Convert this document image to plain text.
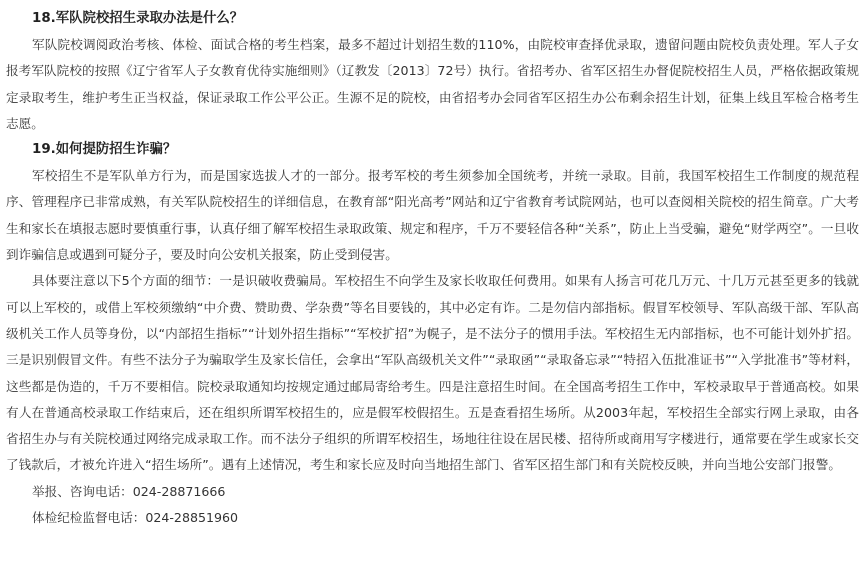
18.军队院校招生录取办法是什么？

军队院校调阅政治考核、体检、面试合格的考生档案，最多不超过计划招生数的110%，由院校审查择优录取，遗留问题由院校负责处理。军人子女报考军队院校的按照《辽宁省军人子女教育优待实施细则》（辽教发〔2013〕72号）执行。省招考办、省军区招生办督促院校招生人员，严格依据政策规定录取考生，维护考生正当权益，保证录取工作公平公正。生源不足的院校，由省招考办会同省军区招生办公布剩余招生计划，征集上线且军检合格考生志愿。

19.如何提防招生诈骗？

军校招生不是军队单方行为，而是国家选拔人才的一部分。报考军校的考生须参加全国统考，并统一录取。目前，我国军校招生工作制度的规范程序、管理程序已非常成熟，有关军队院校招生的详细信息，在教育部“阳光高考”网站和辽宁省教育考试院网站，也可以查阅相关院校的招生简章。广大考生和家长在填报志愿时要慎重行事，认真仔细了解军校招生录取政策、规定和程序，千万不要轻信各种“关系”，防止上当受骗，避免“财学两空”。一旦收到诈骗信息或遇到可疑分子，要及时向公安机关报案，防止受到侵害。

具体要注意以下5个方面的细节：一是识破收费骗局。军校招生不向学生及家长收取任何费用。如果有人扬言可花几万元、十几万元甚至更多的钱就可以上军校的，或借上军校须缴纳“中介费、赞助费、学杂费”等名目要钱的，其中必定有诈。二是勿信内部指标。假冒军校领导、军队高级干部、军队高级机关工作人员等身份，以“内部招生指标”“计划外招生指标”“军校扩招”为幌子，是不法分子的惯用手法。军校招生无内部指标，也不可能计划外扩招。三是识别假冒文件。有些不法分子为骗取学生及家长信任，会拿出“军队高级机关文件”“录取函”“录取备忘录”“特招入伍批准证书”“入学批准书”等材料，这些都是伪造的，千万不要相信。院校录取通知均按规定通过邮局寄给考生。四是注意招生时间。在全国高考招生工作中，军校录取早于普通高校。如果有人在普通高校录取工作结束后，还在组织所谓军校招生的，应是假军校假招生。五是查看招生场所。从2003年起，军校招生全部实行网上录取，由各省招生办与有关院校通过网络完成录取工作。而不法分子组织的所谓军校招生，场地往往设在居民楼、招待所或商用写字楼进行，通常要在学生或家长交了钱款后，才被允许进入“招生场所”。遇有上述情况，考生和家长应及时向当地招生部门、省军区招生部门和有关院校反映，并向当地公安部门报警。

举报、咨询电话：024-28871666

体检纪检监督电话：024-28851960
